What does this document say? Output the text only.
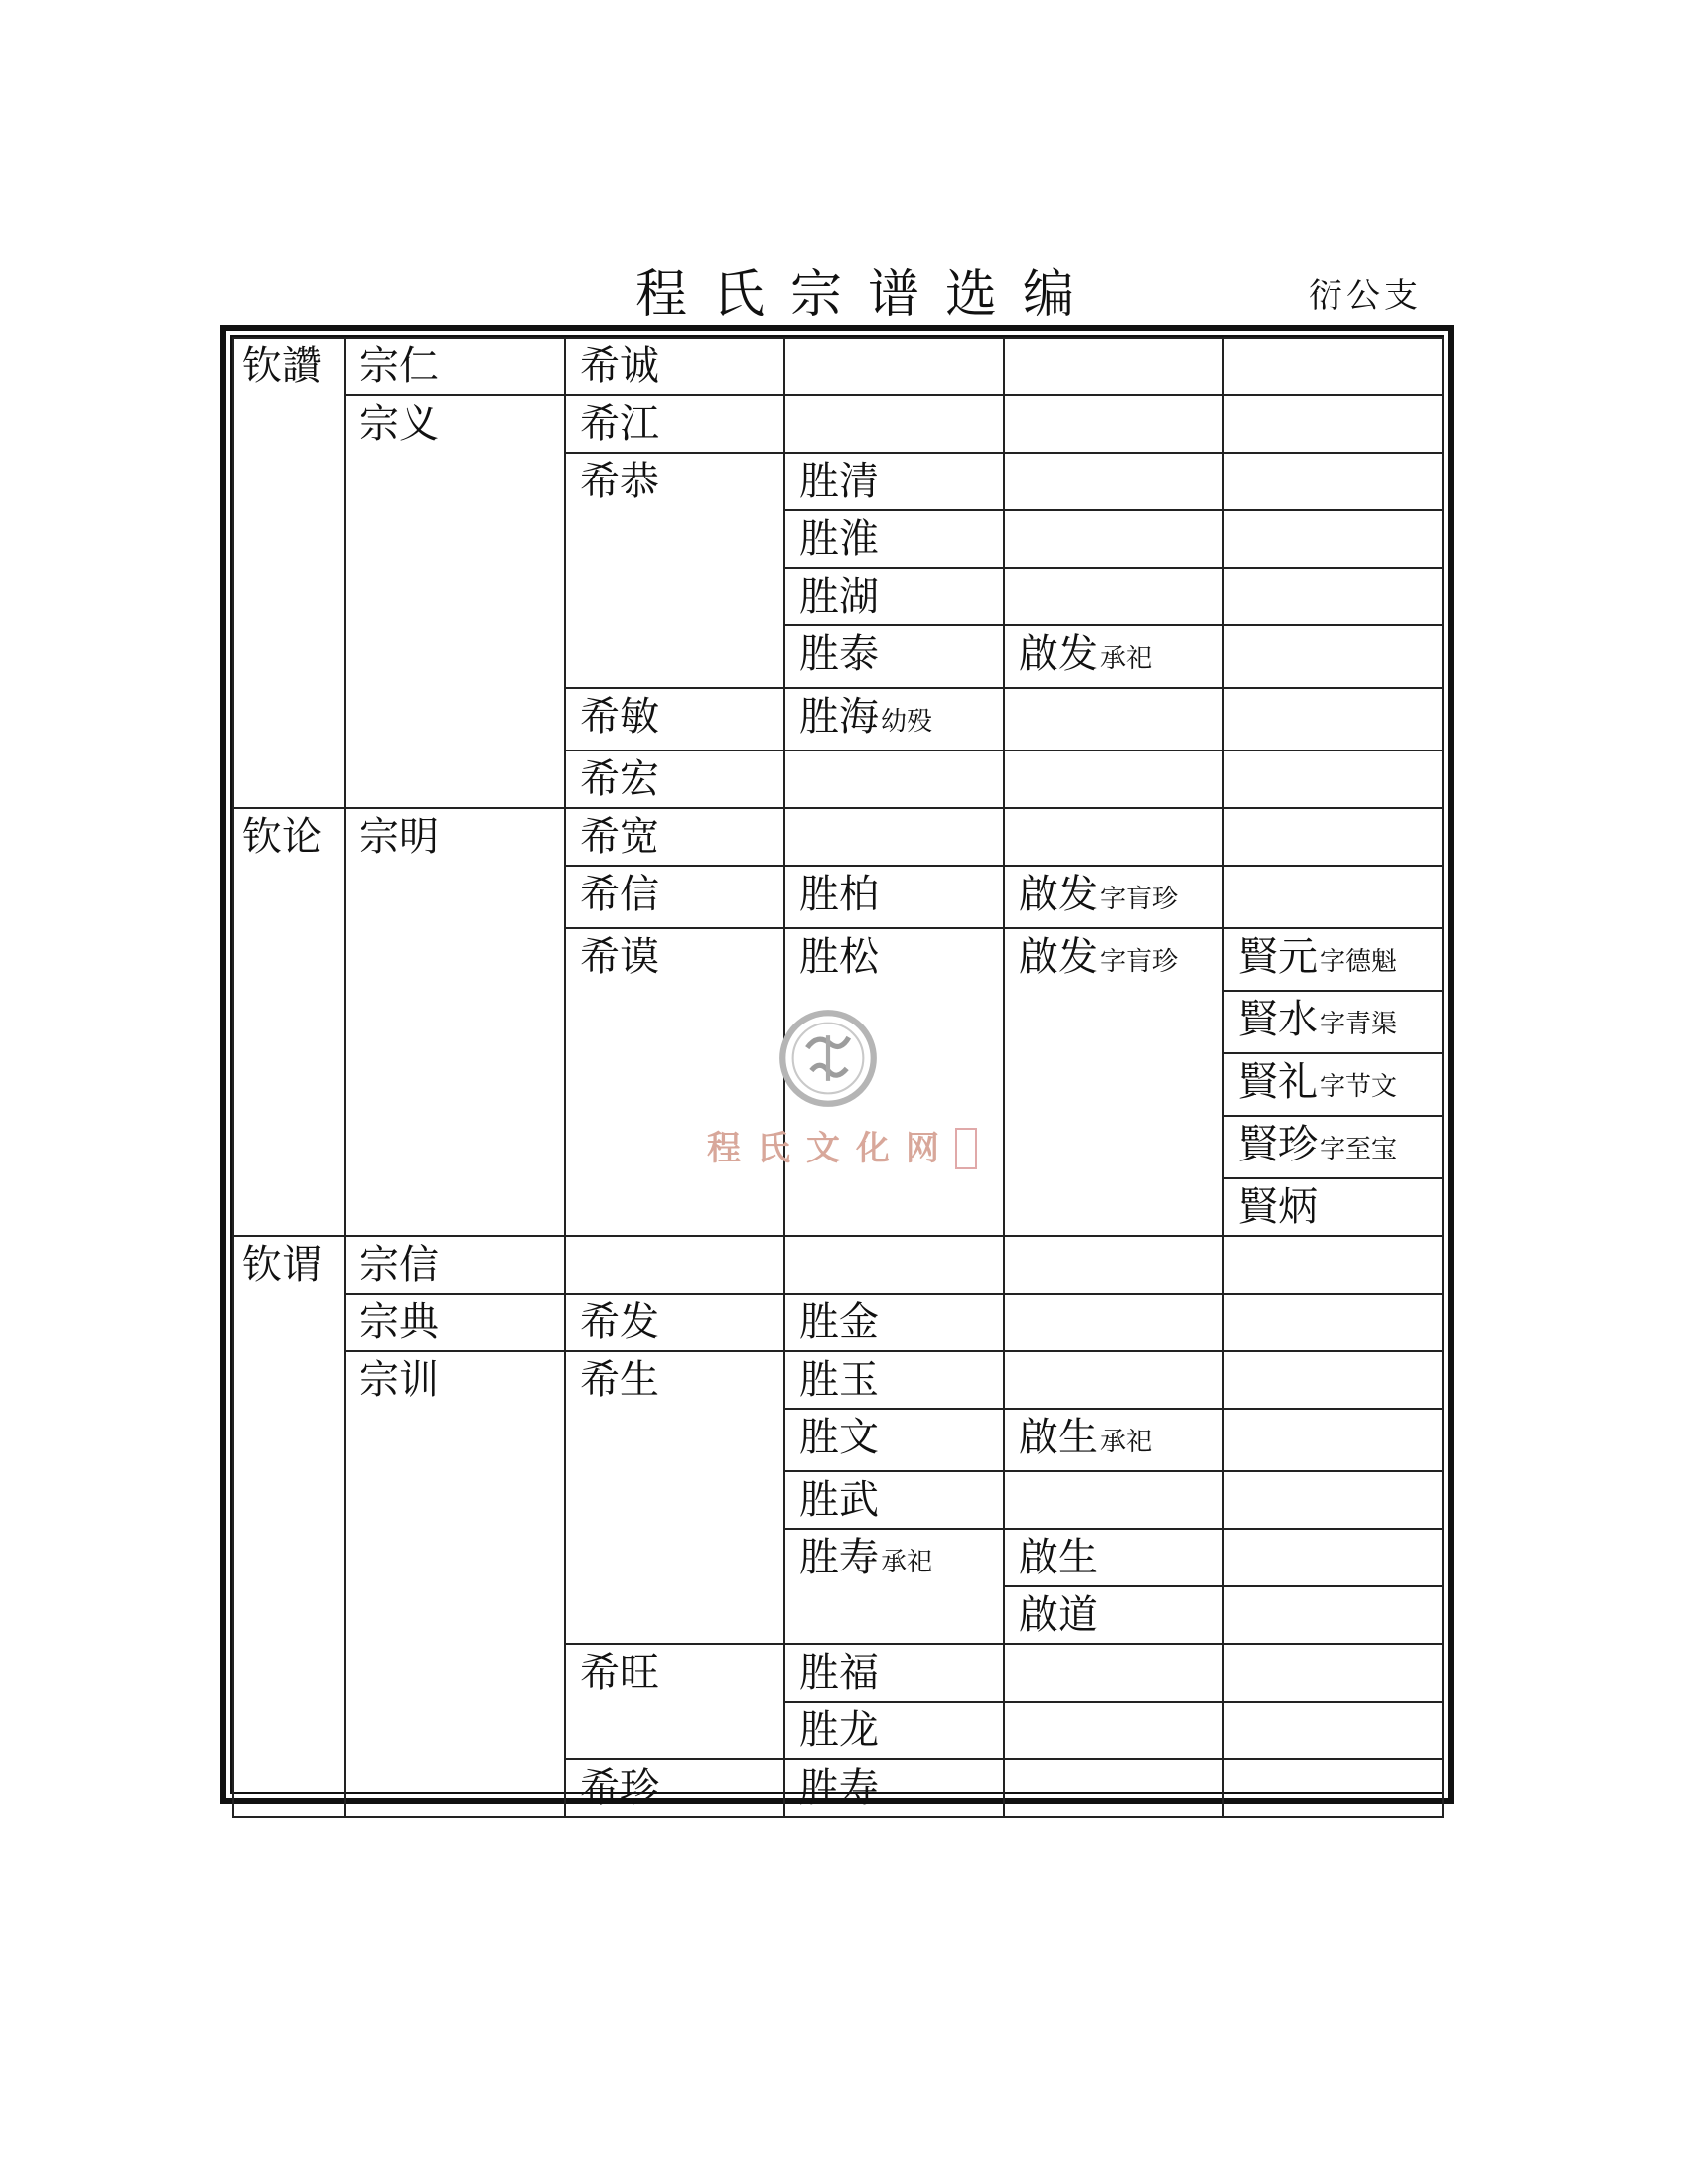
程氏宗谱选编	衍公支
钦讚	宗仁	希诚			
	宗义	希江			
		希恭	胜清		
			胜淮		
			胜湖		
			胜泰	啟发承祀	
		希敏	胜海幼殁		
		希宏			
钦论	宗明	希宽			
		希信	胜柏	啟发字肓珍	
		希谟	胜松	啟发字肓珍	賢元字德魁
					賢水字青渠
					賢礼字节文
					賢珍字至宝
					賢炳
钦谓	宗信				
	宗典	希发	胜金		
	宗训	希生	胜玉		
			胜文	啟生承祀	
			胜武		
			胜寿承祀	啟生	
				啟道	
		希旺	胜福		
			胜龙		
		希珍	胜寿		
程氏文化网
